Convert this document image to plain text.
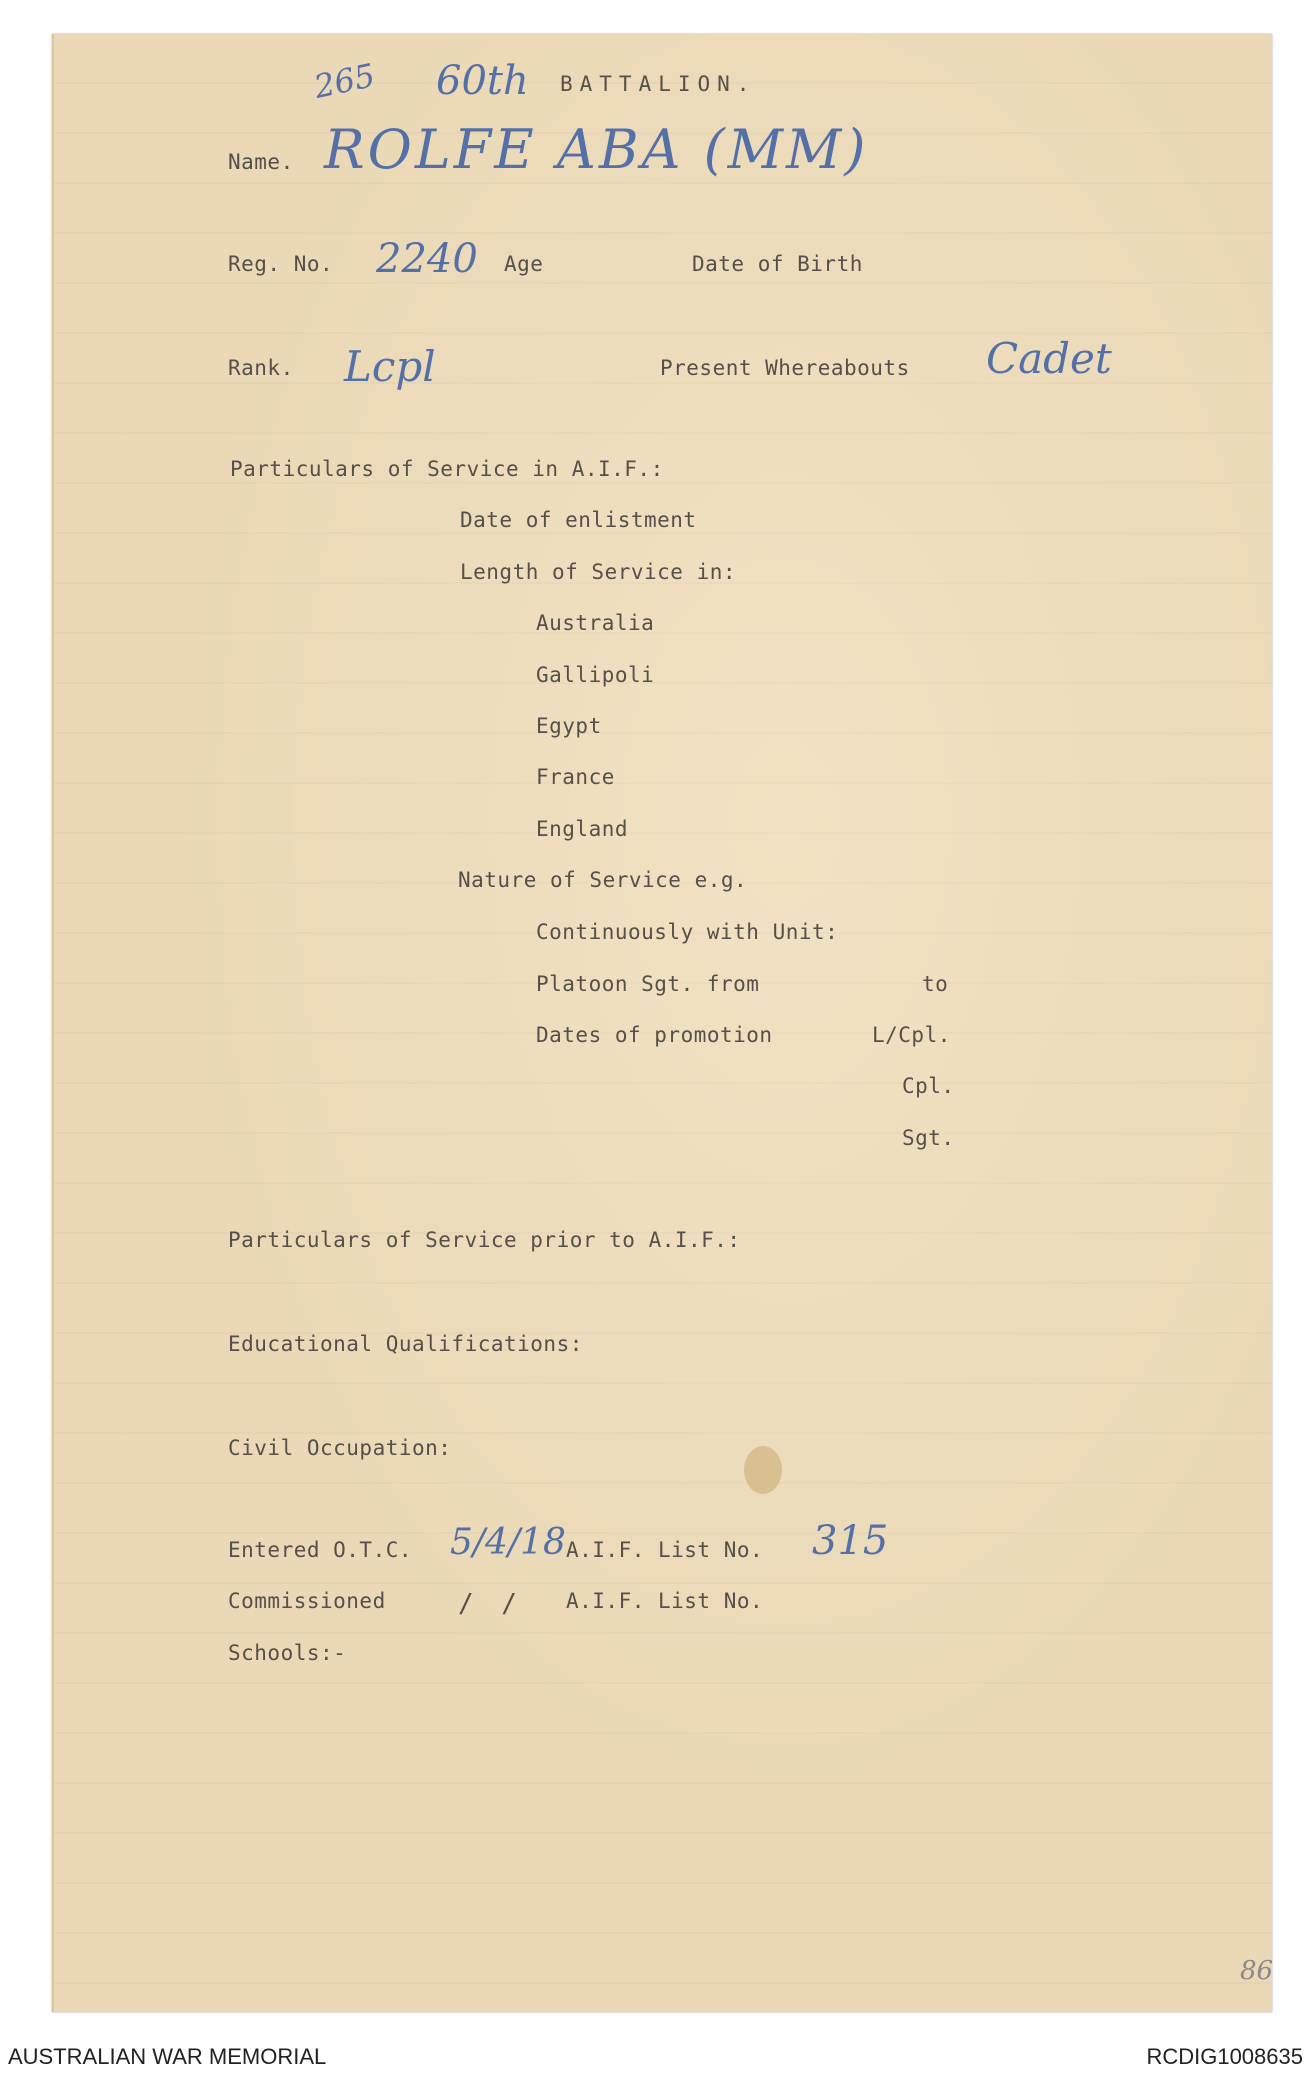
265 60th BATTALION.

Name. ROLFE ABA (MM)

Reg. No. 2240 Age	Date of Birth

Rank. Lcpl	Present Whereabouts Cadet

Particulars of Service in A.I.F.:

Date of enlistment

Length of Service in:

Australia

Gallipoli

Egypt

France

England

Nature of Service e.g.

Continuously with Unit:

Platoon Sgt. from	to

Dates of promotion	L/Cpl.

Cpl.

Sgt.

Particulars of Service prior to A.I.F.:

Educational Qualifications:

Civil Occupation:

Entered O.T.C. 5/4/18 A.I.F. List No. 315

Commissioned	/ / A.I.F. List No.

Schools:-

86

AUSTRALIAN WAR MEMORIAL	RCDIG1008635
